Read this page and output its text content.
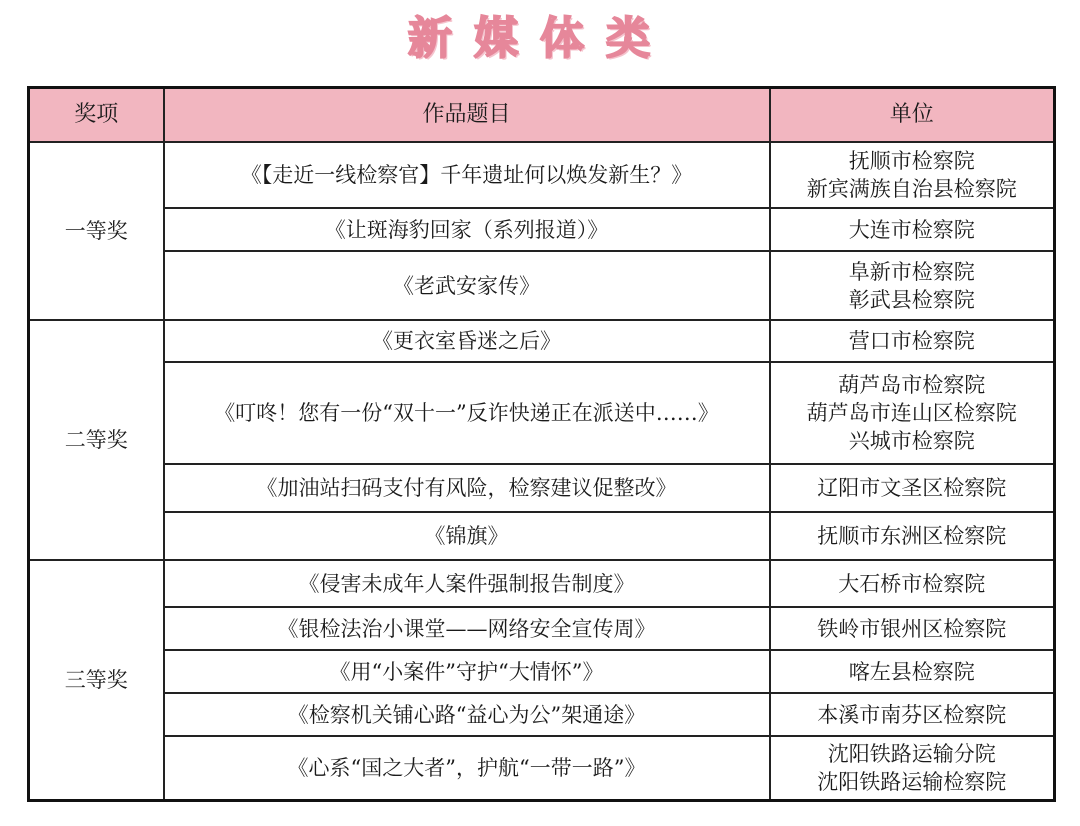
新媒体类
奖项	作品题目	单位
一等奖	《【走近一线检察官】千年遗址何以焕发新生？》	抚顺市检察院
新宾满族自治县检察院

	《让斑海豹回家（系列报道）》	大连市检察院

	《老武安家传》	阜新市检察院
彰武县检察院

二等奖	《更衣室昏迷之后》	营口市检察院

	《叮咚！您有一份“双十一”反诈快递正在派送中……》	葫芦岛市检察院
葫芦岛市连山区检察院
兴城市检察院

	《加油站扫码支付有风险，检察建议促整改》	辽阳市文圣区检察院

	《锦旗》	抚顺市东洲区检察院

三等奖	《侵害未成年人案件强制报告制度》	大石桥市检察院

	《银检法治小课堂——网络安全宣传周》	铁岭市银州区检察院

	《用“小案件”守护“大情怀”》	喀左县检察院

	《检察机关铺心路“益心为公”架通途》	本溪市南芬区检察院

	《心系“国之大者”，护航“一带一路”》	沈阳铁路运输分院
沈阳铁路运输检察院
